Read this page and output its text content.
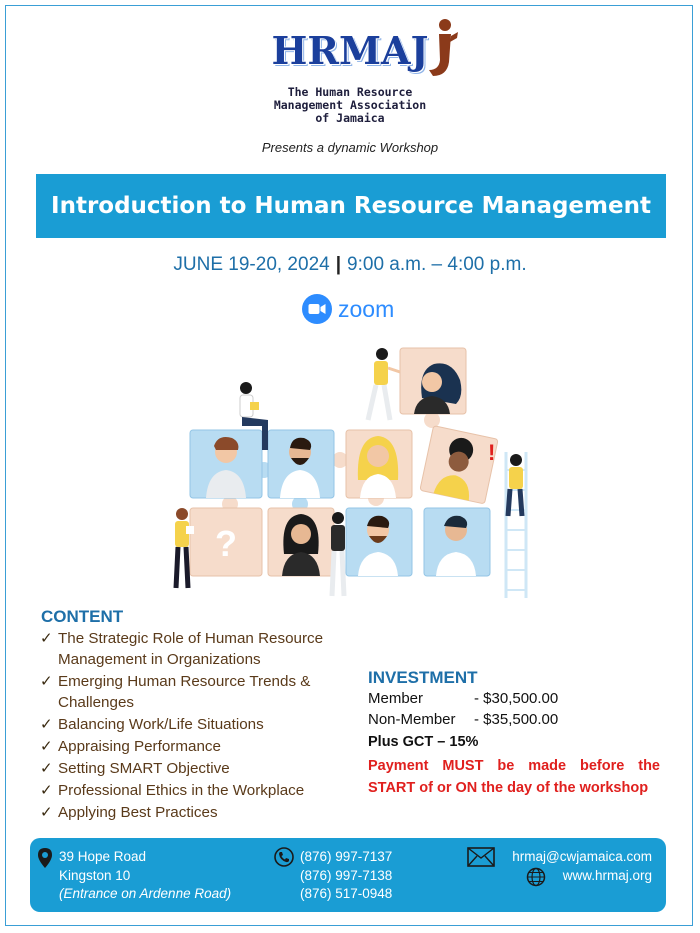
HRMAJ
The Human Resource
Management Association
of Jamaica
Presents a dynamic Workshop
Introduction to Human Resource Management
JUNE 19-20, 2024 | 9:00 a.m. – 4:00 p.m.
zoom
!
?
CONTENT
✓ The Strategic Role of Human Resource
Management in Organizations
✓ Emerging Human Resource Trends &
Challenges
✓ Balancing Work/Life Situations
✓ Appraising Performance
✓ Setting SMART Objective
✓ Professional Ethics in the Workplace
✓ Applying Best Practices
INVESTMENT
Member	- $30,500.00
Non-Member - $35,500.00
Plus GCT – 15%
Payment MUST be made before the START of or ON the day of the workshop
39 Hope Road
Kingston 10
(Entrance on Ardenne Road)
(876) 997-7137
(876) 997-7138
(876) 517-0948
hrmaj@cwjamaica.com
www.hrmaj.org
